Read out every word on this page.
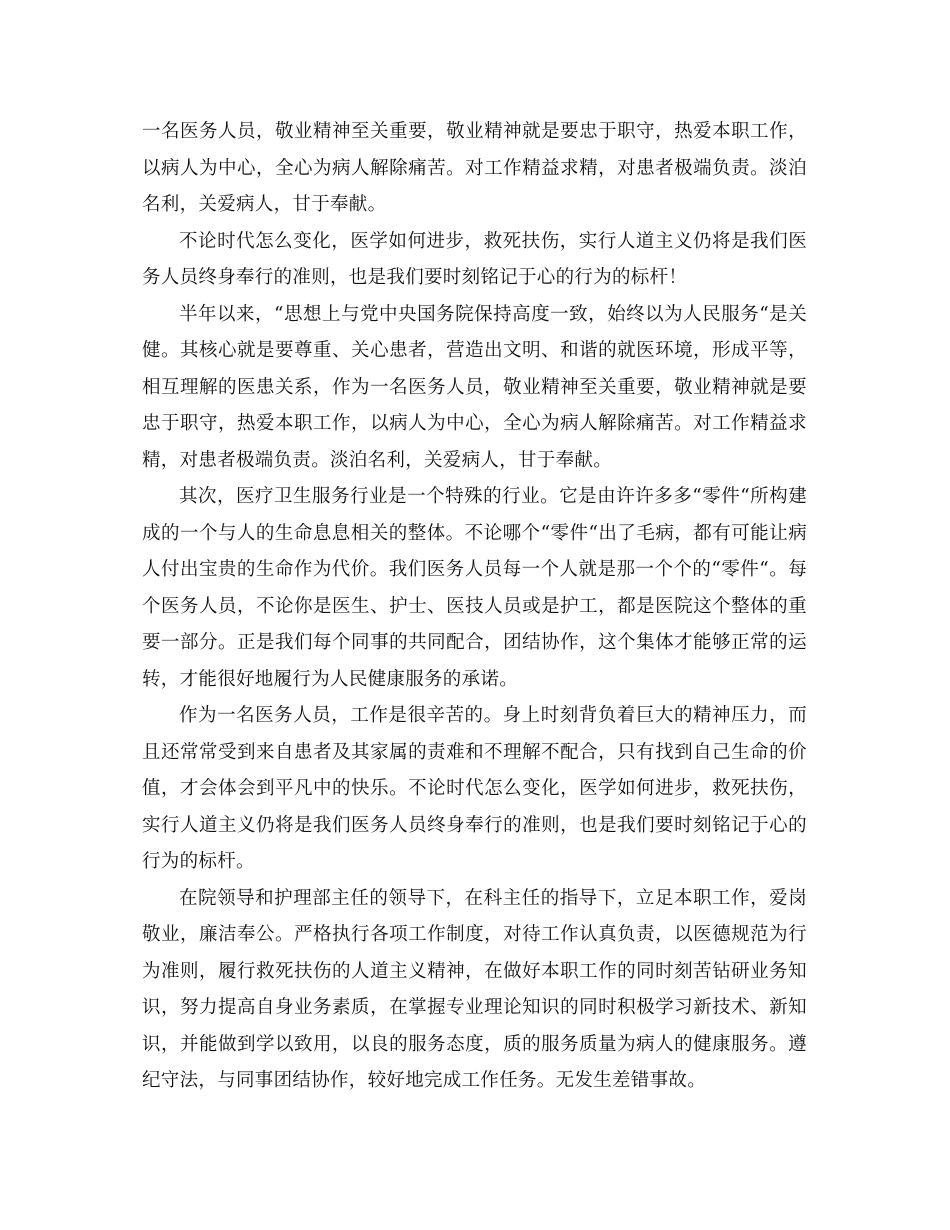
一名医务人员，敬业精神至关重要，敬业精神就是要忠于职守，热爱本职工作，以病人为中心，全心为病人解除痛苦。对工作精益求精，对患者极端负责。淡泊名利，关爱病人，甘于奉献。

不论时代怎么变化，医学如何进步，救死扶伤，实行人道主义仍将是我们医务人员终身奉行的准则，也是我们要时刻铭记于心的行为的标杆！

半年以来，“思想上与党中央国务院保持高度一致，始终以为人民服务“是关健。其核心就是要尊重、关心患者，营造出文明、和谐的就医环境，形成平等，相互理解的医患关系，作为一名医务人员，敬业精神至关重要，敬业精神就是要忠于职守，热爱本职工作，以病人为中心，全心为病人解除痛苦。对工作精益求精，对患者极端负责。淡泊名利，关爱病人，甘于奉献。

其次，医疗卫生服务行业是一个特殊的行业。它是由许许多多“零件“所构建成的一个与人的生命息息相关的整体。不论哪个“零件“出了毛病，都有可能让病人付出宝贵的生命作为代价。我们医务人员每一个人就是那一个个的“零件“。每个医务人员，不论你是医生、护士、医技人员或是护工，都是医院这个整体的重要一部分。正是我们每个同事的共同配合，团结协作，这个集体才能够正常的运转，才能很好地履行为人民健康服务的承诺。

作为一名医务人员，工作是很辛苦的。身上时刻背负着巨大的精神压力，而且还常常受到来自患者及其家属的责难和不理解不配合，只有找到自己生命的价值，才会体会到平凡中的快乐。不论时代怎么变化，医学如何进步，救死扶伤，实行人道主义仍将是我们医务人员终身奉行的准则，也是我们要时刻铭记于心的行为的标杆。

在院领导和护理部主任的领导下，在科主任的指导下，立足本职工作，爱岗敬业，廉洁奉公。严格执行各项工作制度，对待工作认真负责，以医德规范为行为准则，履行救死扶伤的人道主义精神，在做好本职工作的同时刻苦钻研业务知识，努力提高自身业务素质，在掌握专业理论知识的同时积极学习新技术、新知识，并能做到学以致用，以良的服务态度，质的服务质量为病人的健康服务。遵纪守法，与同事团结协作，较好地完成工作任务。无发生差错事故。
